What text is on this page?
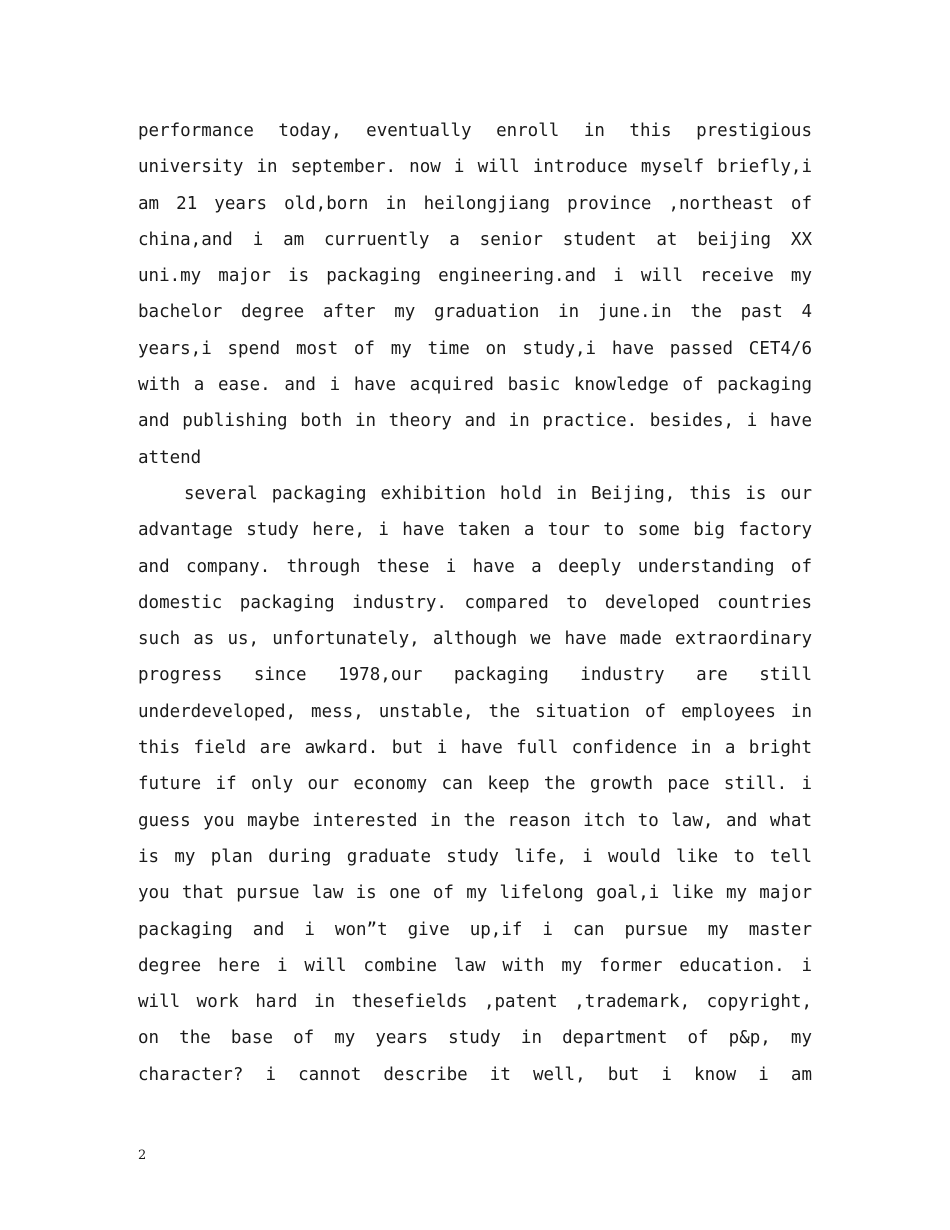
performance today, eventually enroll in this prestigious
university in september. now i will introduce myself briefly,i
am 21 years old,born in heilongjiang province ,northeast of
china,and i am curruently a senior student at beijing XX
uni.my major is packaging engineering.and i will receive my
bachelor degree after my graduation in june.in the past 4
years,i spend most of my time on study,i have passed CET4/6
with a ease. and i have acquired basic knowledge of packaging
and publishing both in theory and in practice. besides, i have
attend
several packaging exhibition hold in Beijing, this is our
advantage study here, i have taken a tour to some big factory
and company. through these i have a deeply understanding of
domestic packaging industry. compared to developed countries
such as us, unfortunately, although we have made extraordinary
progress since 1978,our packaging industry are still
underdeveloped, mess, unstable, the situation of employees in
this field are awkard. but i have full confidence in a bright
future if only our economy can keep the growth pace still. i
guess you maybe interested in the reason itch to law, and what
is my plan during graduate study life, i would like to tell
you that pursue law is one of my lifelong goal,i like my major
packaging and i won”t give up,if i can pursue my master
degree here i will combine law with my former education. i
will work hard in thesefields ,patent ,trademark, copyright,
on the base of my years study in department of p&p, my
character? i cannot describe it well, but i know i am
2
